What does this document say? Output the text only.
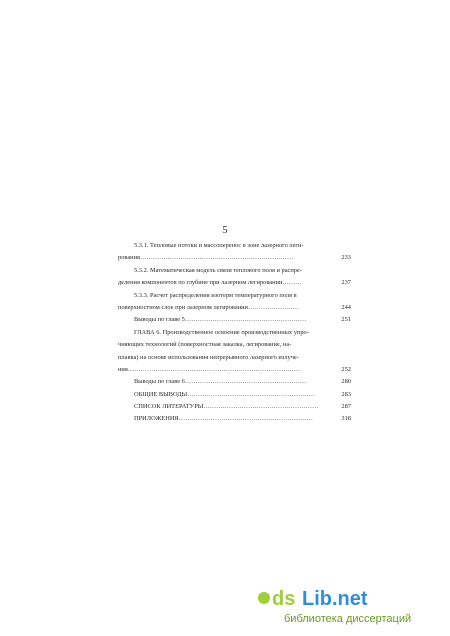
5
5.3.1. Тепловые потоки и массоперенос в зоне лазерного леги-
рования………………………………………………………………	233
5.3.2. Математическая модель связи теплового поля и распре-
деления компонентов по глубине при лазерном легировании………	237
5.3.3. Расчет распределения изотерм температурного поля в
поверхностном слое при лазерном легировании……………………	244
Выводы по главе 5…………………………………………………	251
ГЛАВА 6. Производственное освоение производственных упро-
чняющих технологий (поверхностная закалка, легирование, на-
плавка) на основе использования непрерывного лазерного излуче-
ния………………………………………………………………………	252
Выводы по главе 6…………………………………………………	280
ОБЩИЕ ВЫВОДЫ……………………………………………………	283
СПИСОК ЛИТЕРАТУРЫ………………………………………………	287
ПРИЛОЖЕНИЯ………………………………………………………	318
ds Lib.net
библиотека диссертаций
